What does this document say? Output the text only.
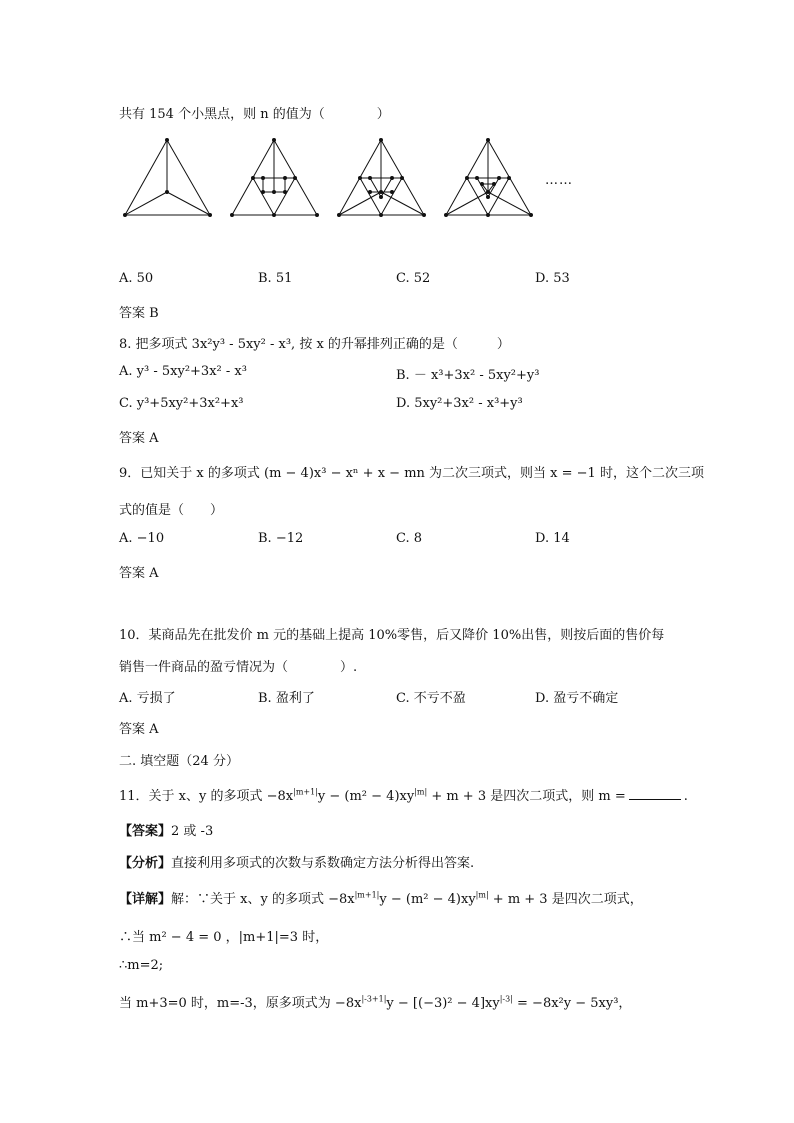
共有 154 个小黑点，则 n 的值为（　　　　）
……
A. 50	B. 51	C. 52	D. 53
答案 B
8. 把多项式 3x²y³ - 5xy² - x³, 按 x 的升幂排列正确的是（　　　）
A. y³ - 5xy²+3x² - x³	B. － x³+3x² - 5xy²+y³
C. y³+5xy²+3x²+x³	D. 5xy²+3x² - x³+y³
答案 A
9．已知关于 x 的多项式 (m − 4)x³ − xⁿ + x − mn 为二次三项式，则当 x = −1 时，这个二次三项
式的值是（　　）
A. −10	B. −12	C. 8	D. 14
答案 A
10．某商品先在批发价 m 元的基础上提高 10%零售，后又降价 10%出售，则按后面的售价每
销售一件商品的盈亏情况为（　　　　）.
A. 亏损了	B. 盈利了	C. 不亏不盈	D. 盈亏不确定
答案 A
二. 填空题（24 分）
11．关于 x、y 的多项式 $-8x^{|m+1|}y - (m^2 - 4)xy^{|m|} + m + 3$ 是四次二项式，则 m =	.
【答案】2 或 -3
【分析】直接利用多项式的次数与系数确定方法分析得出答案.
【详解】解：∵关于 x、y 的多项式 $-8x^{|m+1|}y - (m^2 - 4)xy^{|m|} + m + 3$ 是四次二项式，
∴当 m² − 4 = 0 ，|m+1|=3 时，
∴m=2;
当 m+3=0 时，m=-3，原多项式为 $-8x^{|-3+1|}y - [(-3)^2 - 4]xy^{|-3|} = -8x^2y - 5xy^3$，
